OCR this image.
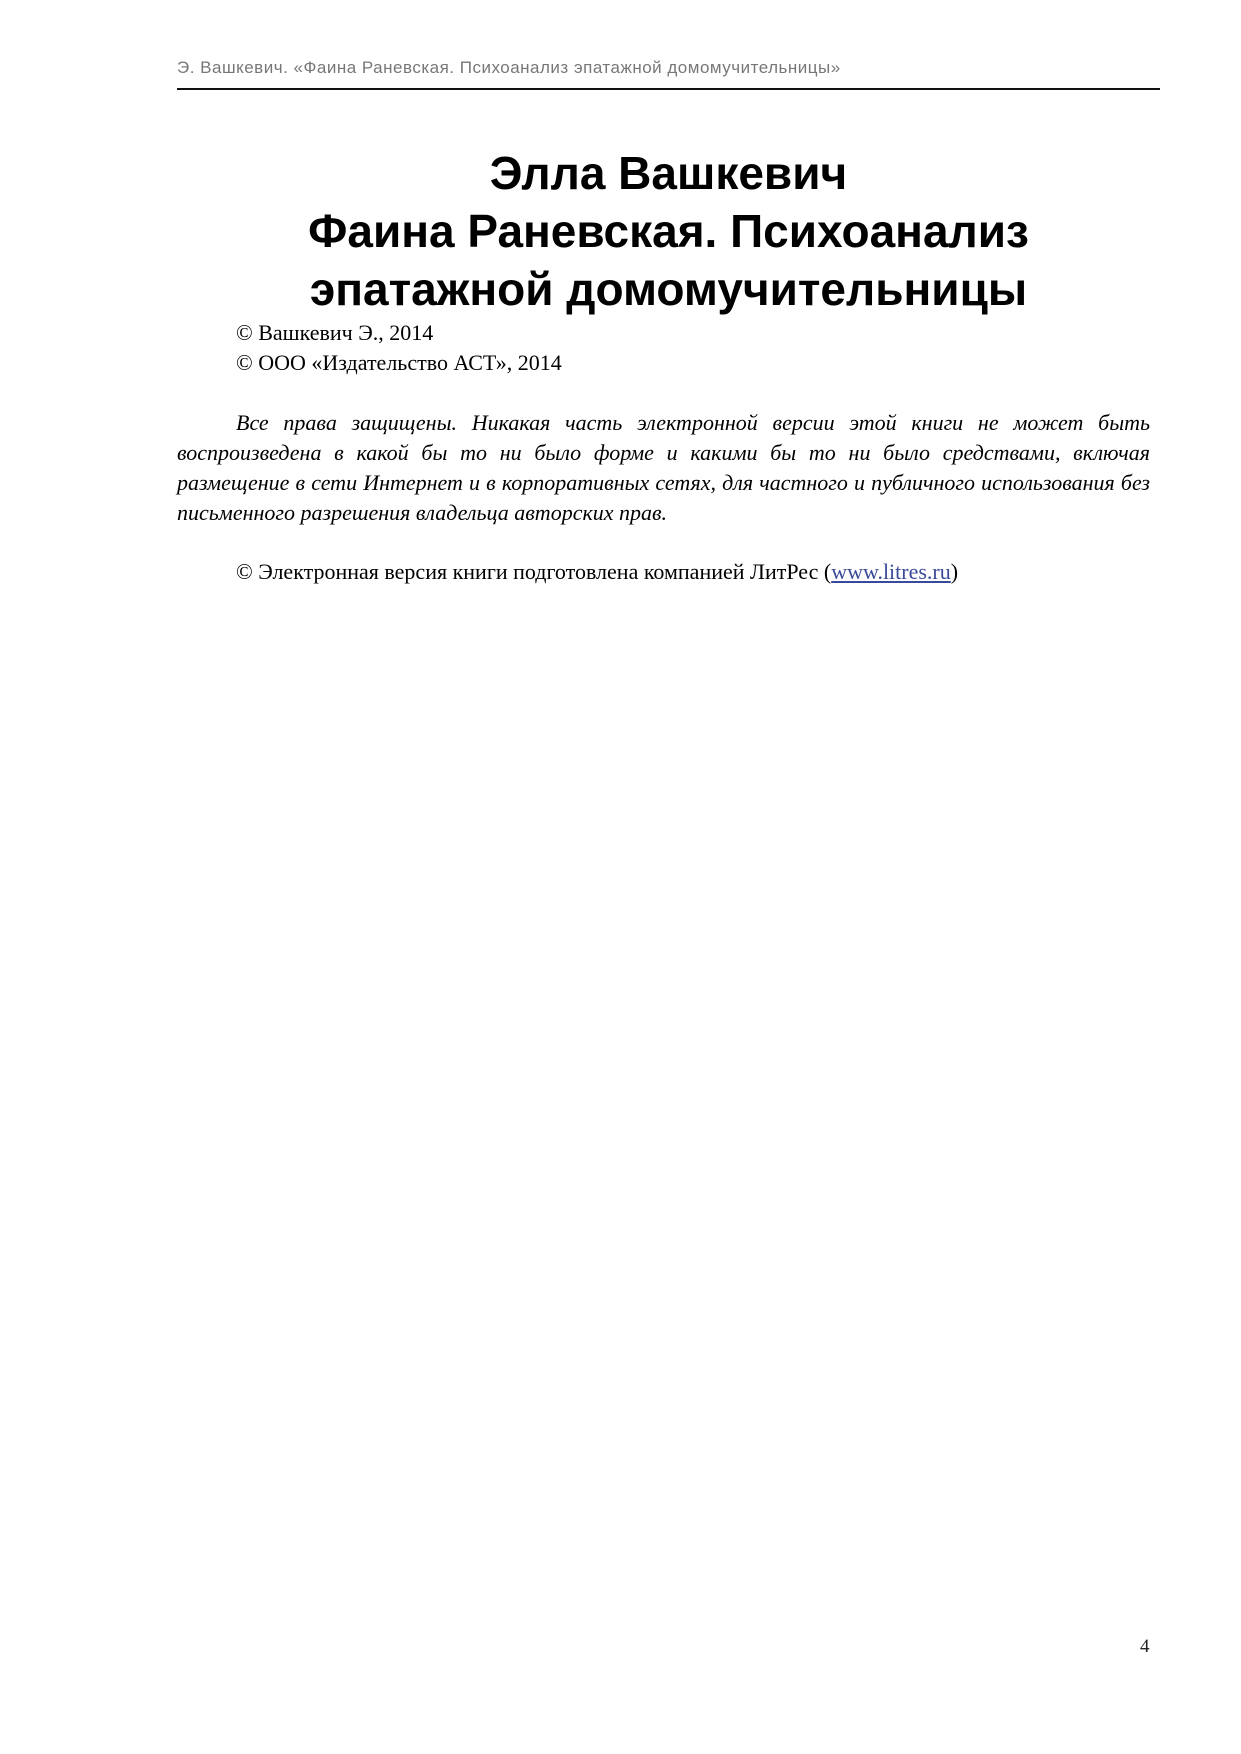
Э. Вашкевич. «Фаина Раневская. Психоанализ эпатажной домомучительницы»
Элла Вашкевич
Фаина Раневская. Психоанализ
эпатажной домомучительницы
© Вашкевич Э., 2014
© ООО «Издательство АСТ», 2014
Все права защищены. Никакая часть электронной версии этой книги не может быть воспроизведена в какой бы то ни было форме и какими бы то ни было средствами, включая размещение в сети Интернет и в корпоративных сетях, для частного и публичного использования без письменного разрешения владельца авторских прав.
© Электронная версия книги подготовлена компанией ЛитРес (www.litres.ru)
4
